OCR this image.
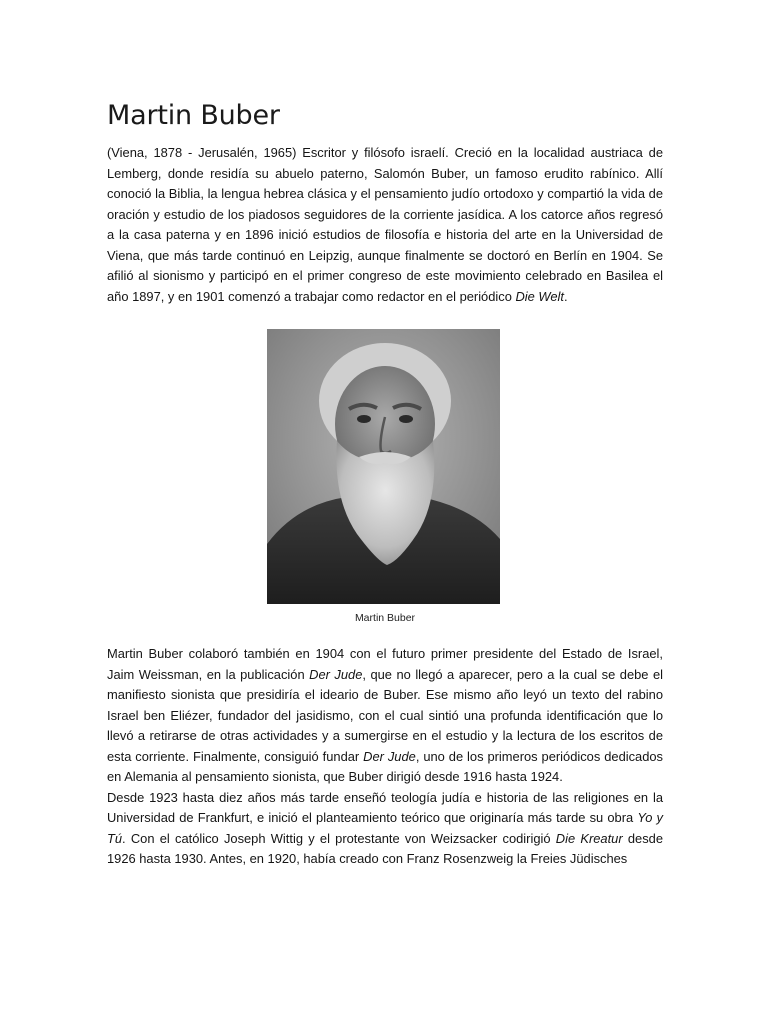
Martin Buber

(Viena, 1878 - Jerusalén, 1965) Escritor y filósofo israelí. Creció en la localidad austriaca de Lemberg, donde residía su abuelo paterno, Salomón Buber, un famoso erudito rabínico. Allí conoció la Biblia, la lengua hebrea clásica y el pensamiento judío ortodoxo y compartió la vida de oración y estudio de los piadosos seguidores de la corriente jasídica. A los catorce años regresó a la casa paterna y en 1896 inició estudios de filosofía e historia del arte en la Universidad de Viena, que más tarde continuó en Leipzig, aunque finalmente se doctoró en Berlín en 1904. Se afilió al sionismo y participó en el primer congreso de este movimiento celebrado en Basilea el año 1897, y en 1901 comenzó a trabajar como redactor en el periódico Die Welt.

Martin Buber

Martin Buber colaboró también en 1904 con el futuro primer presidente del Estado de Israel, Jaim Weissman, en la publicación Der Jude, que no llegó a aparecer, pero a la cual se debe el manifiesto sionista que presidiría el ideario de Buber. Ese mismo año leyó un texto del rabino Israel ben Eliézer, fundador del jasidismo, con el cual sintió una profunda identificación que lo llevó a retirarse de otras actividades y a sumergirse en el estudio y la lectura de los escritos de esta corriente. Finalmente, consiguió fundar Der Jude, uno de los primeros periódicos dedicados en Alemania al pensamiento sionista, que Buber dirigió desde 1916 hasta 1924.

Desde 1923 hasta diez años más tarde enseñó teología judía e historia de las religiones en la Universidad de Frankfurt, e inició el planteamiento teórico que originaría más tarde su obra Yo y Tú. Con el católico Joseph Wittig y el protestante von Weizsacker codirigió Die Kreatur desde 1926 hasta 1930. Antes, en 1920, había creado con Franz Rosenzweig la Freies Jüdisches
